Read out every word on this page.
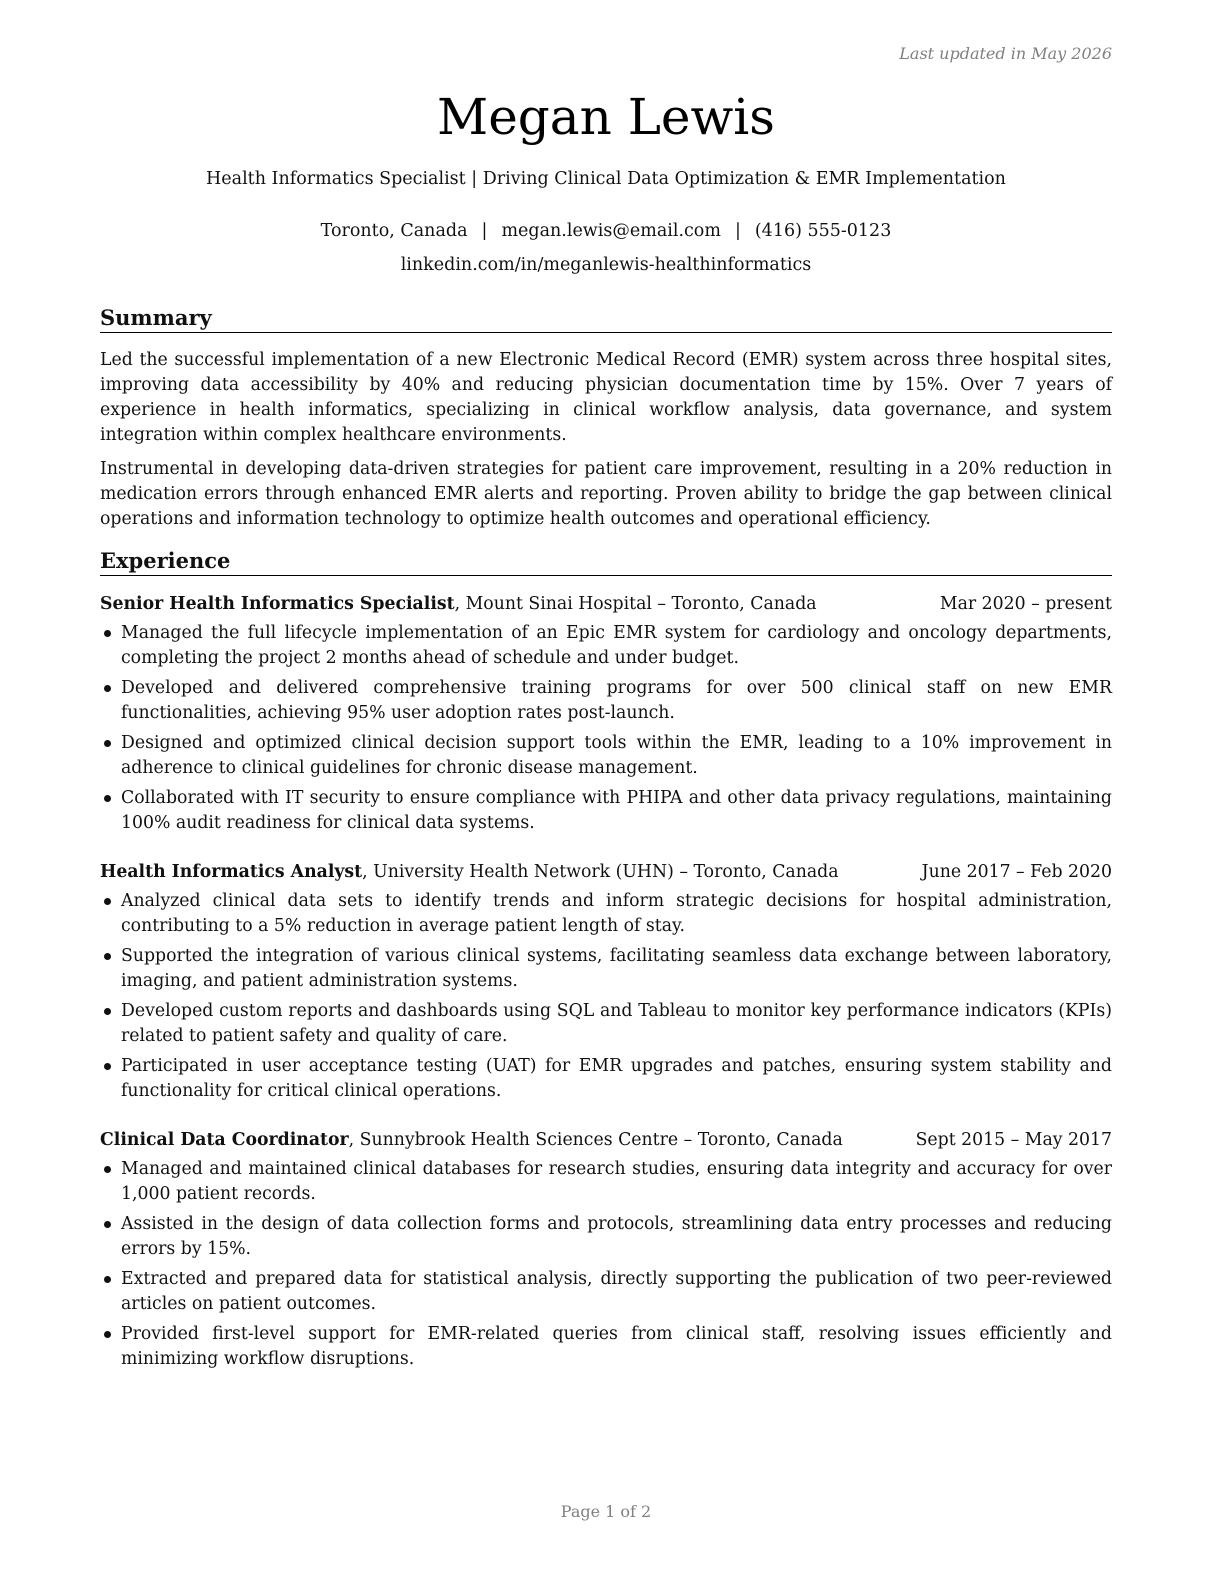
Last updated in May 2026
Megan Lewis
Health Informatics Specialist | Driving Clinical Data Optimization & EMR Implementation
Toronto, Canada | megan.lewis@email.com | (416) 555-0123
linkedin.com/in/meganlewis-healthinformatics
Summary
Led the successful implementation of a new Electronic Medical Record (EMR) system across three hospital sites, improving data accessibility by 40% and reducing physician documentation time by 15%. Over 7 years of experience in health informatics, specializing in clinical workflow analysis, data governance, and system integration within complex healthcare environments.
Instrumental in developing data-driven strategies for patient care improvement, resulting in a 20% reduction in medication errors through enhanced EMR alerts and reporting. Proven ability to bridge the gap between clinical operations and information technology to optimize health outcomes and operational efficiency.
Experience
Senior Health Informatics Specialist, Mount Sinai Hospital – Toronto, Canada	Mar 2020 – present
Managed the full lifecycle implementation of an Epic EMR system for cardiology and oncology departments, completing the project 2 months ahead of schedule and under budget.
Developed and delivered comprehensive training programs for over 500 clinical staff on new EMR functionalities, achieving 95% user adoption rates post-launch.
Designed and optimized clinical decision support tools within the EMR, leading to a 10% improvement in adherence to clinical guidelines for chronic disease management.
Collaborated with IT security to ensure compliance with PHIPA and other data privacy regulations, maintaining 100% audit readiness for clinical data systems.
Health Informatics Analyst, University Health Network (UHN) – Toronto, Canada	June 2017 – Feb 2020
Analyzed clinical data sets to identify trends and inform strategic decisions for hospital administration, contributing to a 5% reduction in average patient length of stay.
Supported the integration of various clinical systems, facilitating seamless data exchange between laboratory, imaging, and patient administration systems.
Developed custom reports and dashboards using SQL and Tableau to monitor key performance indicators (KPIs) related to patient safety and quality of care.
Participated in user acceptance testing (UAT) for EMR upgrades and patches, ensuring system stability and functionality for critical clinical operations.
Clinical Data Coordinator, Sunnybrook Health Sciences Centre – Toronto, Canada	Sept 2015 – May 2017
Managed and maintained clinical databases for research studies, ensuring data integrity and accuracy for over 1,000 patient records.
Assisted in the design of data collection forms and protocols, streamlining data entry processes and reducing errors by 15%.
Extracted and prepared data for statistical analysis, directly supporting the publication of two peer-reviewed articles on patient outcomes.
Provided first-level support for EMR-related queries from clinical staff, resolving issues efficiently and minimizing workflow disruptions.
Page 1 of 2
